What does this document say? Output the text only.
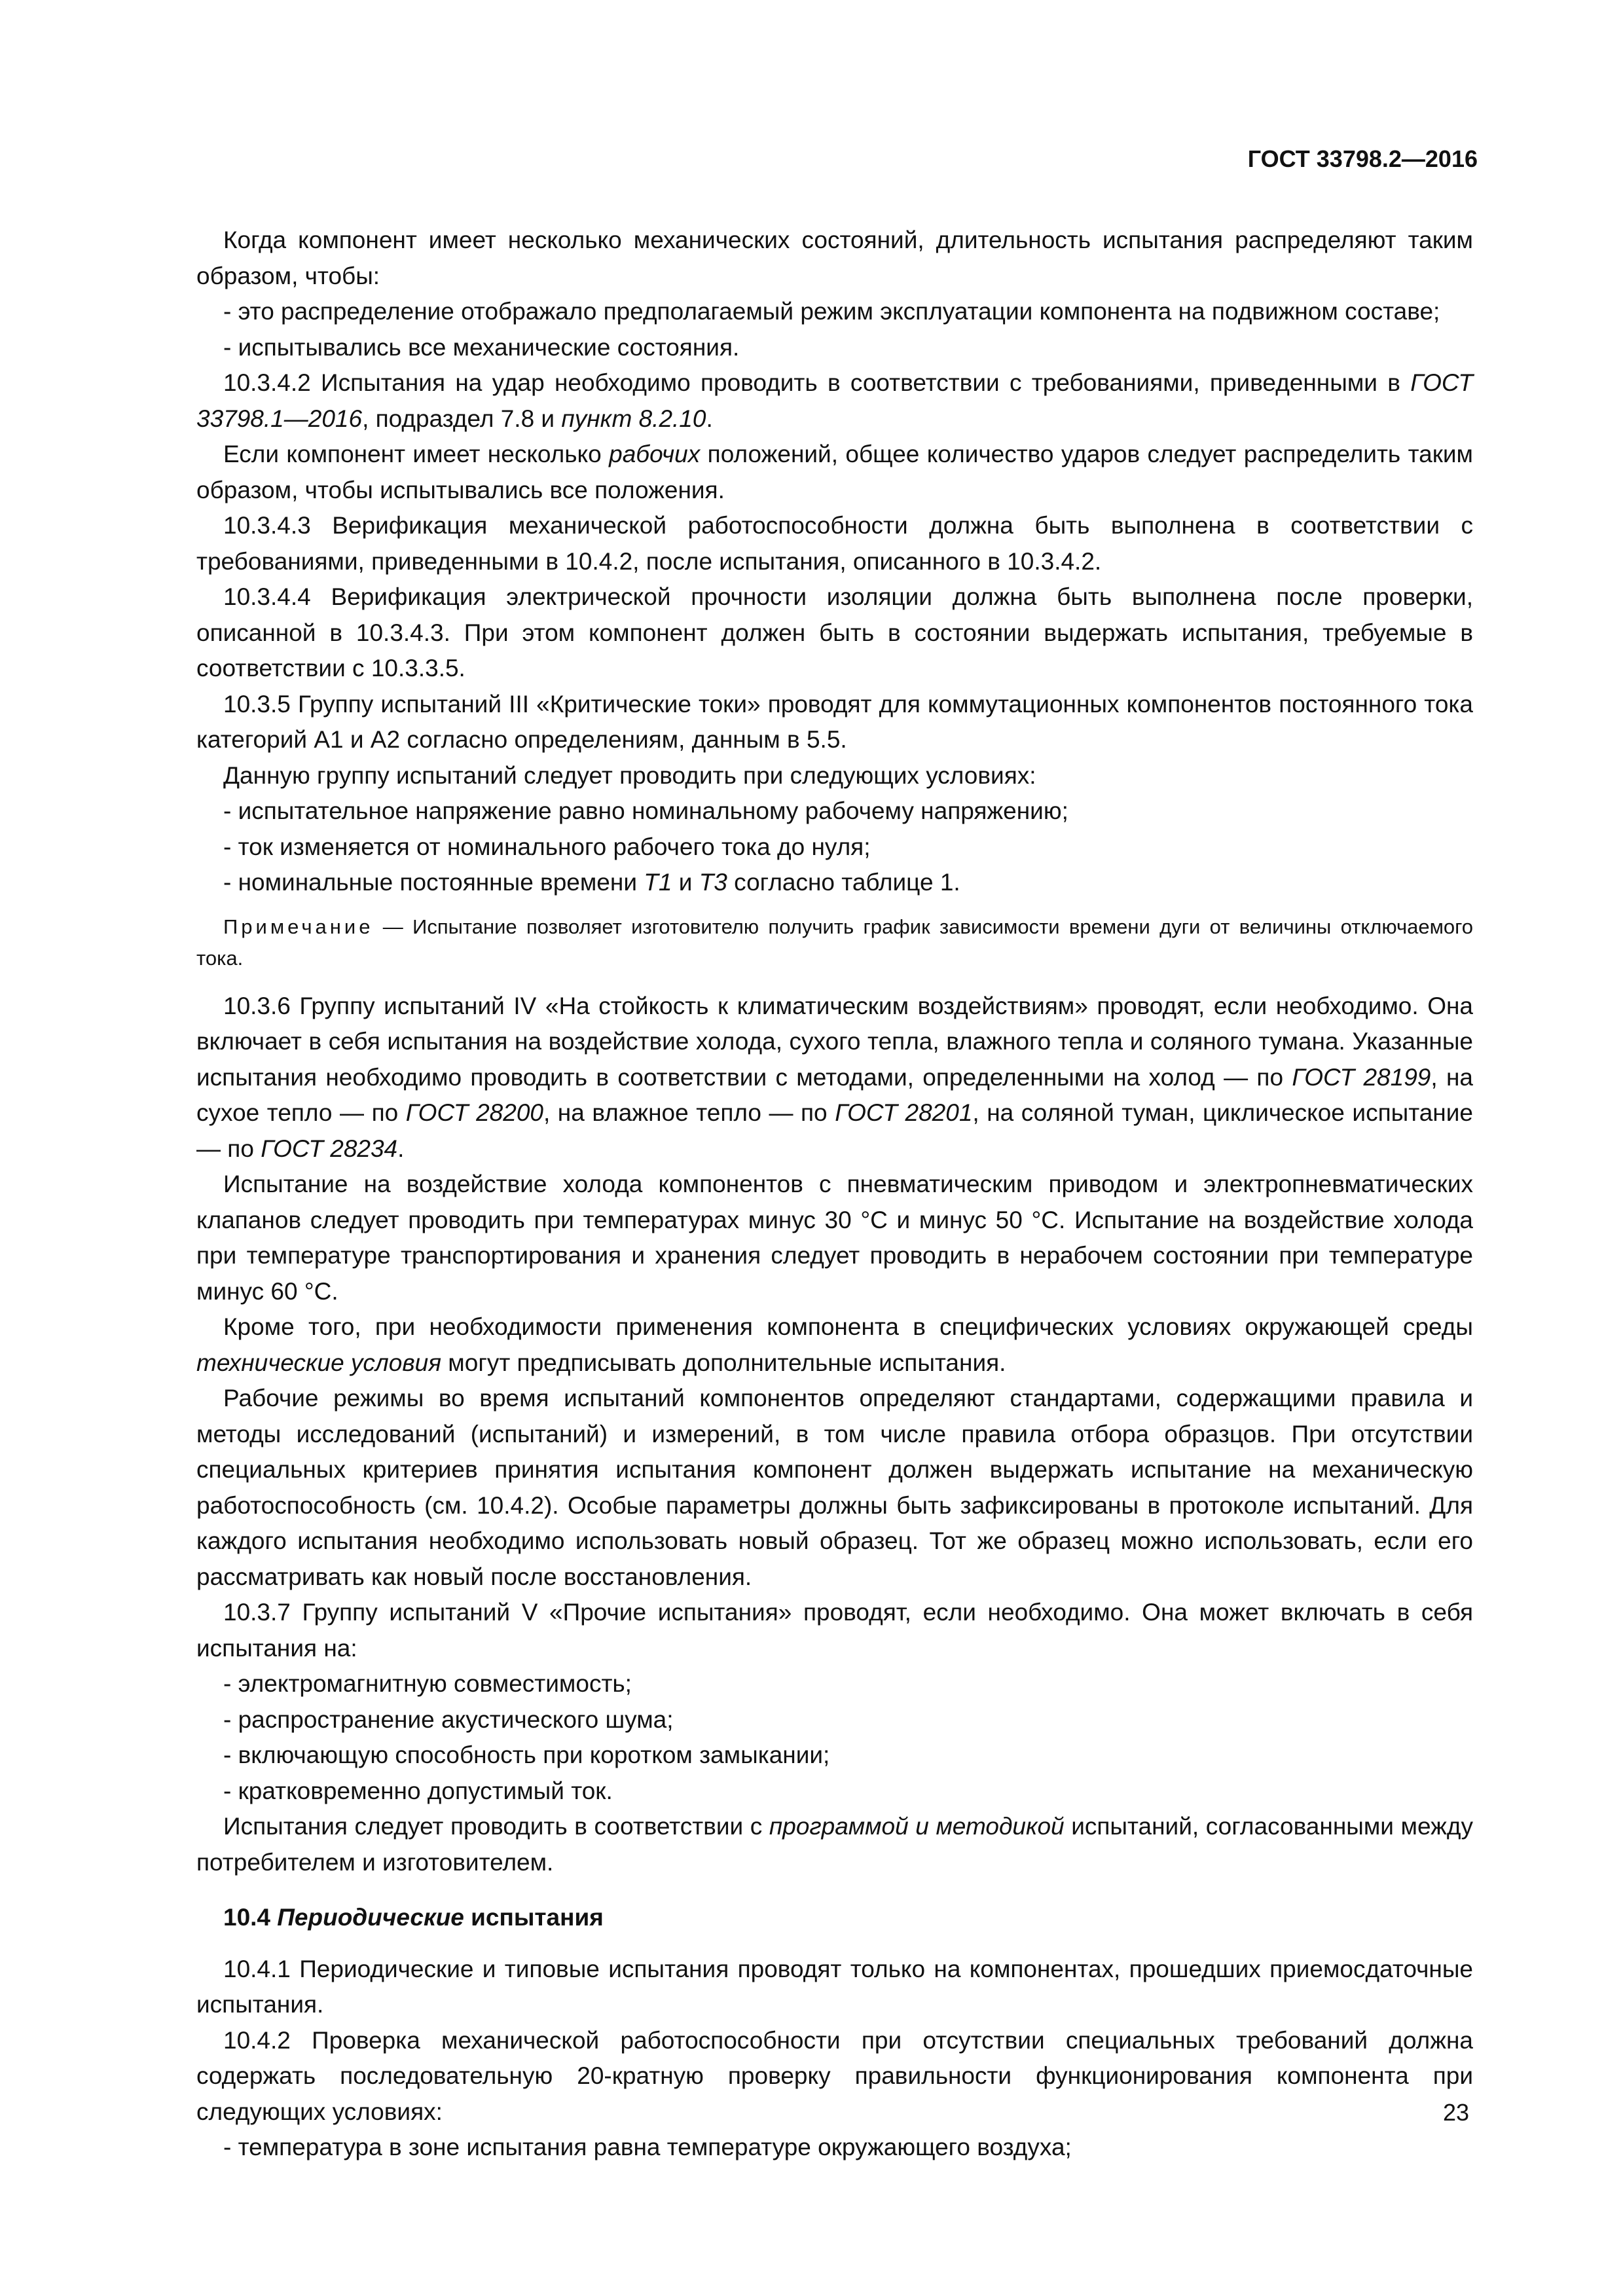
ГОСТ 33798.2—2016

Когда компонент имеет несколько механических состояний, длительность испытания распределяют таким образом, чтобы:

- это распределение отображало предполагаемый режим эксплуатации компонента на подвижном составе;

- испытывались все механические состояния.

10.3.4.2 Испытания на удар необходимо проводить в соответствии с требованиями, приведенными в ГОСТ 33798.1—2016, подраздел 7.8 и пункт 8.2.10.

Если компонент имеет несколько рабочих положений, общее количество ударов следует распределить таким образом, чтобы испытывались все положения.

10.3.4.3 Верификация механической работоспособности должна быть выполнена в соответствии с требованиями, приведенными в 10.4.2, после испытания, описанного в 10.3.4.2.

10.3.4.4 Верификация электрической прочности изоляции должна быть выполнена после проверки, описанной в 10.3.4.3. При этом компонент должен быть в состоянии выдержать испытания, требуемые в соответствии с 10.3.3.5.

10.3.5 Группу испытаний III «Критические токи» проводят для коммутационных компонентов постоянного тока категорий А1 и А2 согласно определениям, данным в 5.5.

Данную группу испытаний следует проводить при следующих условиях:

- испытательное напряжение равно номинальному рабочему напряжению;

- ток изменяется от номинального рабочего тока до нуля;

- номинальные постоянные времени Т1 и Т3 согласно таблице 1.

Примечание — Испытание позволяет изготовителю получить график зависимости времени дуги от величины отключаемого тока.

10.3.6 Группу испытаний IV «На стойкость к климатическим воздействиям» проводят, если необходимо. Она включает в себя испытания на воздействие холода, сухого тепла, влажного тепла и соляного тумана. Указанные испытания необходимо проводить в соответствии с методами, определенными на холод — по ГОСТ 28199, на сухое тепло — по ГОСТ 28200, на влажное тепло — по ГОСТ 28201, на соляной туман, циклическое испытание — по ГОСТ 28234.

Испытание на воздействие холода компонентов с пневматическим приводом и электропневматических клапанов следует проводить при температурах минус 30 °С и минус 50 °С. Испытание на воздействие холода при температуре транспортирования и хранения следует проводить в нерабочем состоянии при температуре минус 60 °С.

Кроме того, при необходимости применения компонента в специфических условиях окружающей среды технические условия могут предписывать дополнительные испытания.

Рабочие режимы во время испытаний компонентов определяют стандартами, содержащими правила и методы исследований (испытаний) и измерений, в том числе правила отбора образцов. При отсутствии специальных критериев принятия испытания компонент должен выдержать испытание на механическую работоспособность (см. 10.4.2). Особые параметры должны быть зафиксированы в протоколе испытаний. Для каждого испытания необходимо использовать новый образец. Тот же образец можно использовать, если его рассматривать как новый после восстановления.

10.3.7 Группу испытаний V «Прочие испытания» проводят, если необходимо. Она может включать в себя испытания на:

- электромагнитную совместимость;

- распространение акустического шума;

- включающую способность при коротком замыкании;

- кратковременно допустимый ток.

Испытания следует проводить в соответствии с программой и методикой испытаний, согласованными между потребителем и изготовителем.

10.4 Периодические испытания

10.4.1 Периодические и типовые испытания проводят только на компонентах, прошедших приемосдаточные испытания.

10.4.2 Проверка механической работоспособности при отсутствии специальных требований должна содержать последовательную 20-кратную проверку правильности функционирования компонента при следующих условиях:

- температура в зоне испытания равна температуре окружающего воздуха;

23
